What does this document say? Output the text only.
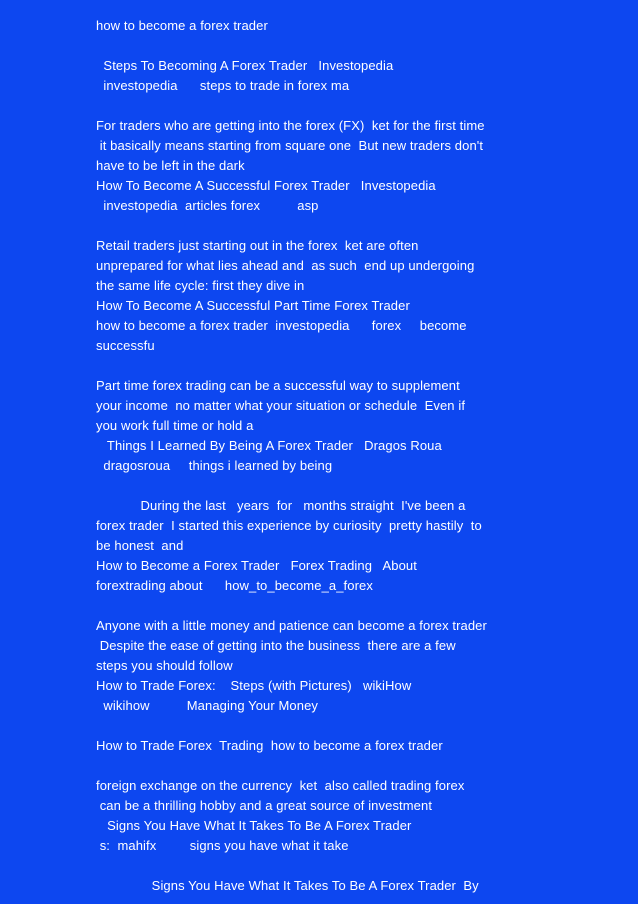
how to become a forex trader
Steps To Becoming A Forex Trader   Investopedia
investopedia      steps to trade in forex ma
For traders who are getting into the forex (FX)  ket for the first time
it basically means starting from square one  But new traders don't
have to be left in the dark
How To Become A Successful Forex Trader   Investopedia
investopedia  articles forex          asp
Retail traders just starting out in the forex  ket are often
unprepared for what lies ahead and  as such  end up undergoing
the same life cycle: first they dive in
How To Become A Successful Part Time Forex Trader
how to become a forex trader  investopedia      forex     become
successfu
Part time forex trading can be a successful way to supplement
your income  no matter what your situation or schedule  Even if
you work full time or hold a
Things I Learned By Being A Forex Trader   Dragos Roua
dragosroua     things i learned by being
During the last   years  for   months straight  I've been a
forex trader  I started this experience by curiosity  pretty hastily  to
be honest  and
How to Become a Forex Trader   Forex Trading   About
forextrading about      how_to_become_a_forex
Anyone with a little money and patience can become a forex trader
Despite the ease of getting into the business  there are a few
steps you should follow
How to Trade Forex:    Steps (with Pictures)   wikiHow
wikihow          Managing Your Money
How to Trade Forex  Trading  how to become a forex trader
foreign exchange on the currency  ket  also called trading forex
can be a thrilling hobby and a great source of investment
Signs You Have What It Takes To Be A Forex Trader
s:  mahifx         signs you have what it take
Signs You Have What It Takes To Be A Forex Trader  By
